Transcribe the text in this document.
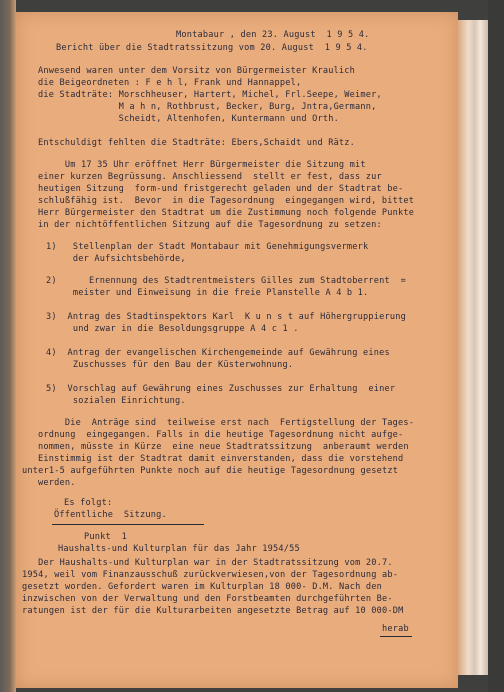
Montabaur , den 23. August  1 9 5 4.
Bericht über die Stadtratssitzung vom 20. August  1 9 5 4.
Anwesend waren unter dem Vorsitz von Bürgermeister Kraulich
die Beigeordneten : F e h l, Frank und Hannappel,
die Stadträte: Morschheuser, Hartert, Michel, Frl.Seepe, Weimer,
M a h n, Rothbrust, Becker, Burg, Jntra,Germann,
Scheidt, Altenhofen, Kuntermann und Orth.
Entschuldigt fehlten die Stadträte: Ebers,Schaidt und Rätz.
Um 17 35 Uhr eröffnet Herr Bürgermeister die Sitzung mit
einer kurzen Begrüssung. Anschliessend  stellt er fest, dass zur
heutigen Sitzung  form-und fristgerecht geladen und der Stadtrat be-
schlußfähig ist.  Bevor  in die Tagesordnung  eingegangen wird, bittet
Herr Bürgermeister den Stadtrat um die Zustimmung noch folgende Punkte
in der nichtöffentlichen Sitzung auf die Tagesordnung zu setzen:
1)   Stellenplan der Stadt Montabaur mit Genehmigungsvermerk
der Aufsichtsbehörde,
2)      Ernennung des Stadtrentmeisters Gilles zum Stadtoberrent  =
meister und Einweisung in die freie Planstelle A 4 b 1.
3)  Antrag des Stadtinspektors Karl  K u n s t auf Höhergruppierung
und zwar in die Besoldungsgruppe A 4 c 1 .
4)  Antrag der evangelischen Kirchengemeinde auf Gewährung eines
Zuschusses für den Bau der Küsterwohnung.
5)  Vorschlag auf Gewährung eines Zuschusses zur Erhaltung  einer
sozialen Einrichtung.
Die  Anträge sind  teilweise erst nach  Fertigstellung der Tages-
ordnung  eingegangen. Falls in die heutige Tagesordnung nicht aufge-
nommen, müsste in Kürze  eine neue Stadtratssitzung  anberaumt werden
Einstimmig ist der Stadtrat damit einverstanden, dass die vorstehend
unter1-5 aufgeführten Punkte noch auf die heutige Tagesordnung gesetzt
werden.
Es folgt:
Öffentliche  Sitzung.
Punkt  1
Haushalts-und Kulturplan für das Jahr 1954/55
Der Haushalts-und Kulturplan war in der Stadtratssitzung vom 20.7.
1954, weil vom Finanzausschuß zurückverwiesen,von der Tagesordnung ab-
gesetzt worden. Gefordert waren im Kulturplan 18 000- D.M. Nach den
inzwischen von der Verwaltung und den Forstbeamten durchgeführten Be-
ratungen ist der für die Kulturarbeiten angesetzte Betrag auf 10 000-DM
herab
